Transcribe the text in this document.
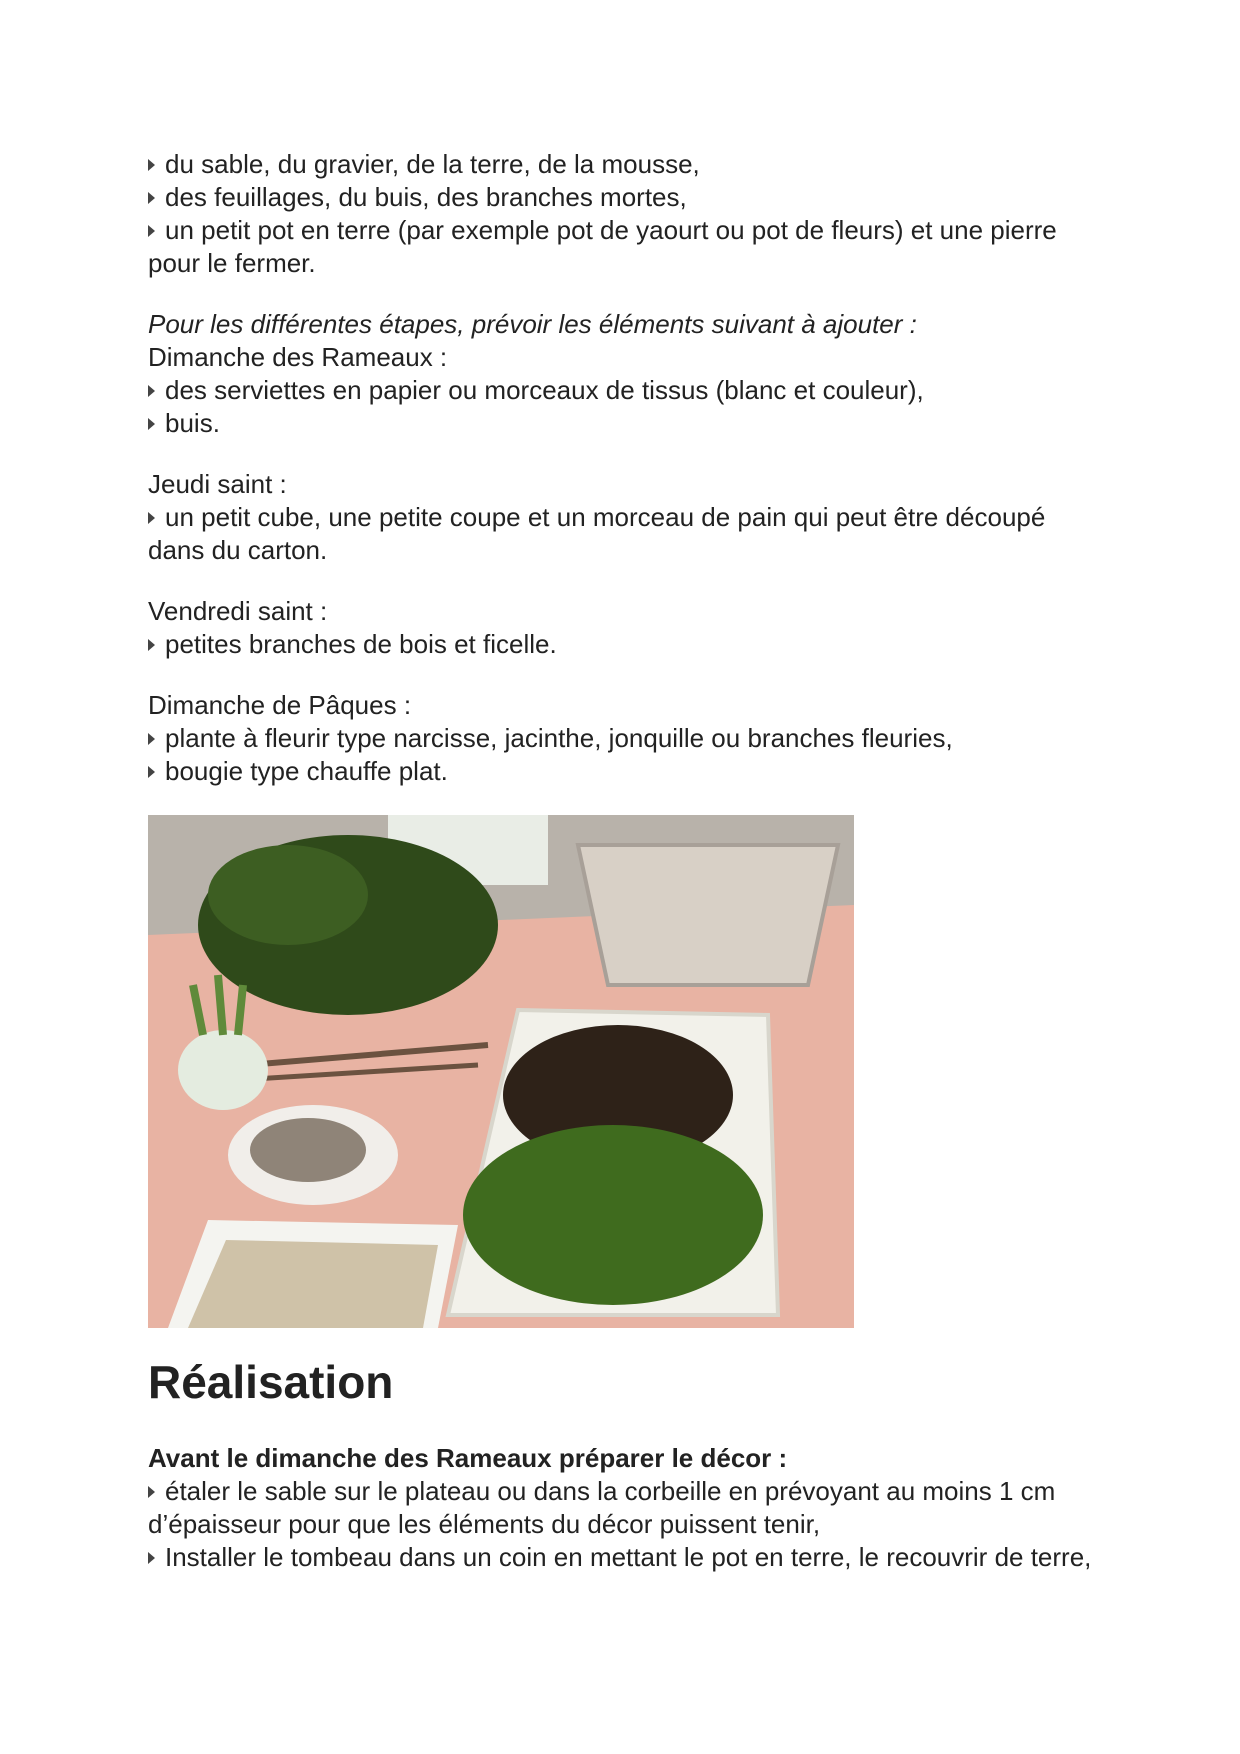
du sable, du gravier, de la terre, de la mousse,

des feuillages, du buis, des branches mortes,

un petit pot en terre (par exemple pot de yaourt ou pot de fleurs) et une pierre pour le fermer.

Pour les différentes étapes, prévoir les éléments suivant à ajouter :

Dimanche des Rameaux :

des serviettes en papier ou morceaux de tissus (blanc et couleur),

buis.

Jeudi saint :

un petit cube, une petite coupe et un morceau de pain qui peut être découpé dans du carton.

Vendredi saint :

petites branches de bois et ficelle.

Dimanche de Pâques :

plante à fleurir type narcisse, jacinthe, jonquille ou branches fleuries,

bougie type chauffe plat.

Réalisation

Avant le dimanche des Rameaux préparer le décor :

étaler le sable sur le plateau ou dans la corbeille en prévoyant au moins 1 cm d’épaisseur pour que les éléments du décor puissent tenir,

Installer le tombeau dans un coin en mettant le pot en terre, le recouvrir de terre,
